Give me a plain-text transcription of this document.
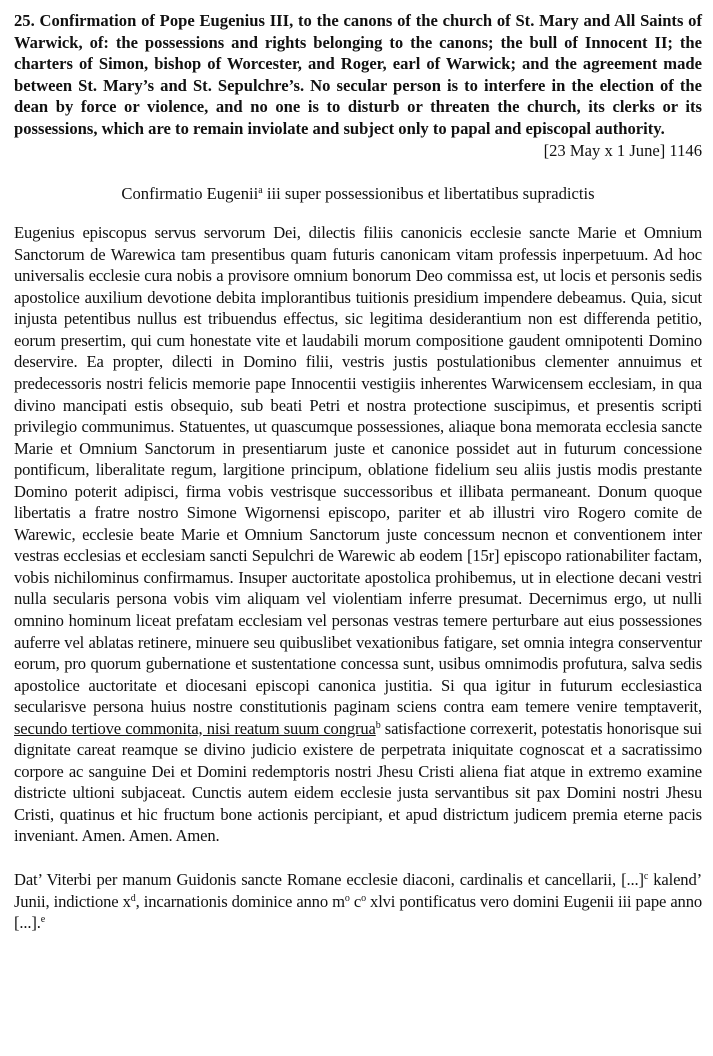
25. Confirmation of Pope Eugenius III, to the canons of the church of St. Mary and All Saints of Warwick, of: the possessions and rights belonging to the canons; the bull of Innocent II; the charters of Simon, bishop of Worcester, and Roger, earl of Warwick; and the agreement made between St. Mary’s and St. Sepulchre’s. No secular person is to interfere in the election of the dean by force or violence, and no one is to disturb or threaten the church, its clerks or its possessions, which are to remain inviolate and subject only to papal and episcopal authority.
[23 May x 1 June] 1146

Confirmatio Eugenii$^a$ iii super possessionibus et libertatibus supradictis

Eugenius episcopus servus servorum Dei, dilectis filiis canonicis ecclesie sancte Marie et Omnium Sanctorum de Warewica tam presentibus quam futuris canonicam vitam professis inperpetuum. Ad hoc universalis ecclesie cura nobis a provisore omnium bonorum Deo commissa est, ut locis et personis sedis apostolice auxilium devotione debita implorantibus tuitionis presidium impendere debeamus. Quia, sicut injusta petentibus nullus est tribuendus effectus, sic legitima desiderantium non est differenda petitio, eorum presertim, qui cum honestate vite et laudabili morum compositione gaudent omnipotenti Domino deservire. Ea propter, dilecti in Domino filii, vestris justis postulationibus clementer annuimus et predecessoris nostri felicis memorie pape Innocentii vestigiis inherentes Warwicensem ecclesiam, in qua divino mancipati estis obsequio, sub beati Petri et nostra protectione suscipimus, et presentis scripti privilegio communimus. Statuentes, ut quascumque possessiones, aliaque bona memorata ecclesia sancte Marie et Omnium Sanctorum in presentiarum juste et canonice possidet aut in futurum concessione pontificum, liberalitate regum, largitione principum, oblatione fidelium seu aliis justis modis prestante Domino poterit adipisci, firma vobis vestrisque successoribus et illibata permaneant. Donum quoque libertatis a fratre nostro Simone Wigornensi episcopo, pariter et ab illustri viro Rogero comite de Warewic, ecclesie beate Marie et Omnium Sanctorum juste concessum necnon et conventionem inter vestras ecclesias et ecclesiam sancti Sepulchri de Warewic ab eodem [15r] episcopo rationabiliter factam, vobis nichilominus confirmamus. Insuper auctoritate apostolica prohibemus, ut in electione decani vestri nulla secularis persona vobis vim aliquam vel violentiam inferre presumat. Decernimus ergo, ut nulli omnino hominum liceat prefatam ecclesiam vel personas vestras temere perturbare aut eius possessiones auferre vel ablatas retinere, minuere seu quibuslibet vexationibus fatigare, set omnia integra conserventur eorum, pro quorum gubernatione et sustentatione concessa sunt, usibus omnimodis profutura, salva sedis apostolice auctoritate et diocesani episcopi canonica justitia. Si qua igitur in futurum ecclesiastica secularisve persona huius nostre constitutionis paginam sciens contra eam temere venire temptaverit, secundo tertiove commonita, nisi reatum suum congrua$^b$ satisfactione correxerit, potestatis honorisque sui dignitate careat reamque se divino judicio existere de perpetrata iniquitate cognoscat et a sacratissimo corpore ac sanguine Dei et Domini redemptoris nostri Jhesu Cristi aliena fiat atque in extremo examine districte ultioni subjaceat. Cunctis autem eidem ecclesie justa servantibus sit pax Domini nostri Jhesu Cristi, quatinus et hic fructum bone actionis percipiant, et apud districtum judicem premia eterne pacis inveniant. Amen. Amen. Amen.

Dat’ Viterbi per manum Guidonis sancte Romane ecclesie diaconi, cardinalis et cancellarii, [...]$^c$ kalend’ Junii, indictione $x^d$, incarnationis dominice anno $m^o$ $c^o$ xlvi pontificatus vero domini Eugenii iii pape anno [...].$^e$
